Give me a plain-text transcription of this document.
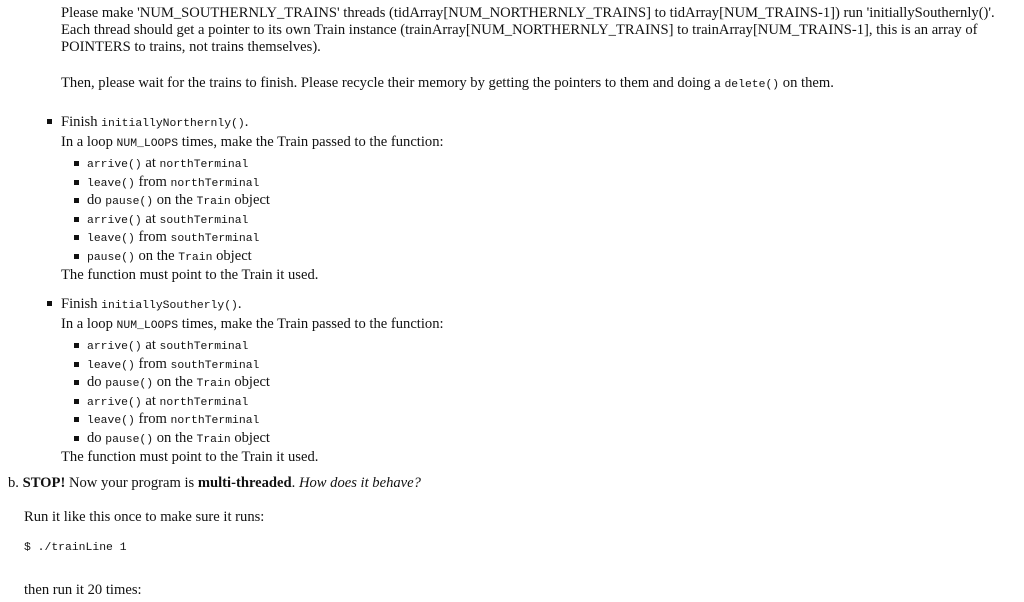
Please make 'NUM_SOUTHERNLY_TRAINS' threads (tidArray[NUM_NORTHERNLY_TRAINS] to tidArray[NUM_TRAINS-1]) run 'initiallySouthernly()'.

Each thread should get a pointer to its own Train instance (trainArray[NUM_NORTHERNLY_TRAINS] to trainArray[NUM_TRAINS-1], this is an array of

POINTERS to trains, not trains themselves).

Then, please wait for the trains to finish. Please recycle their memory by getting the pointers to them and doing a delete() on them.
Finish initiallyNorthernly().
In a loop NUM_LOOPS times, make the Train passed to the function:
arrive() at northTerminal
leave() from northTerminal
do pause() on the Train object
arrive() at southTerminal
leave() from southTerminal
pause() on the Train object
The function must point to the Train it used.
Finish initiallySoutherly().
In a loop NUM_LOOPS times, make the Train passed to the function:
arrive() at southTerminal
leave() from southTerminal
do pause() on the Train object
arrive() at northTerminal
leave() from northTerminal
do pause() on the Train object
The function must point to the Train it used.
b. STOP! Now your program is multi-threaded. How does it behave?
Run it like this once to make sure it runs:
$ ./trainLine 1
then run it 20 times:
